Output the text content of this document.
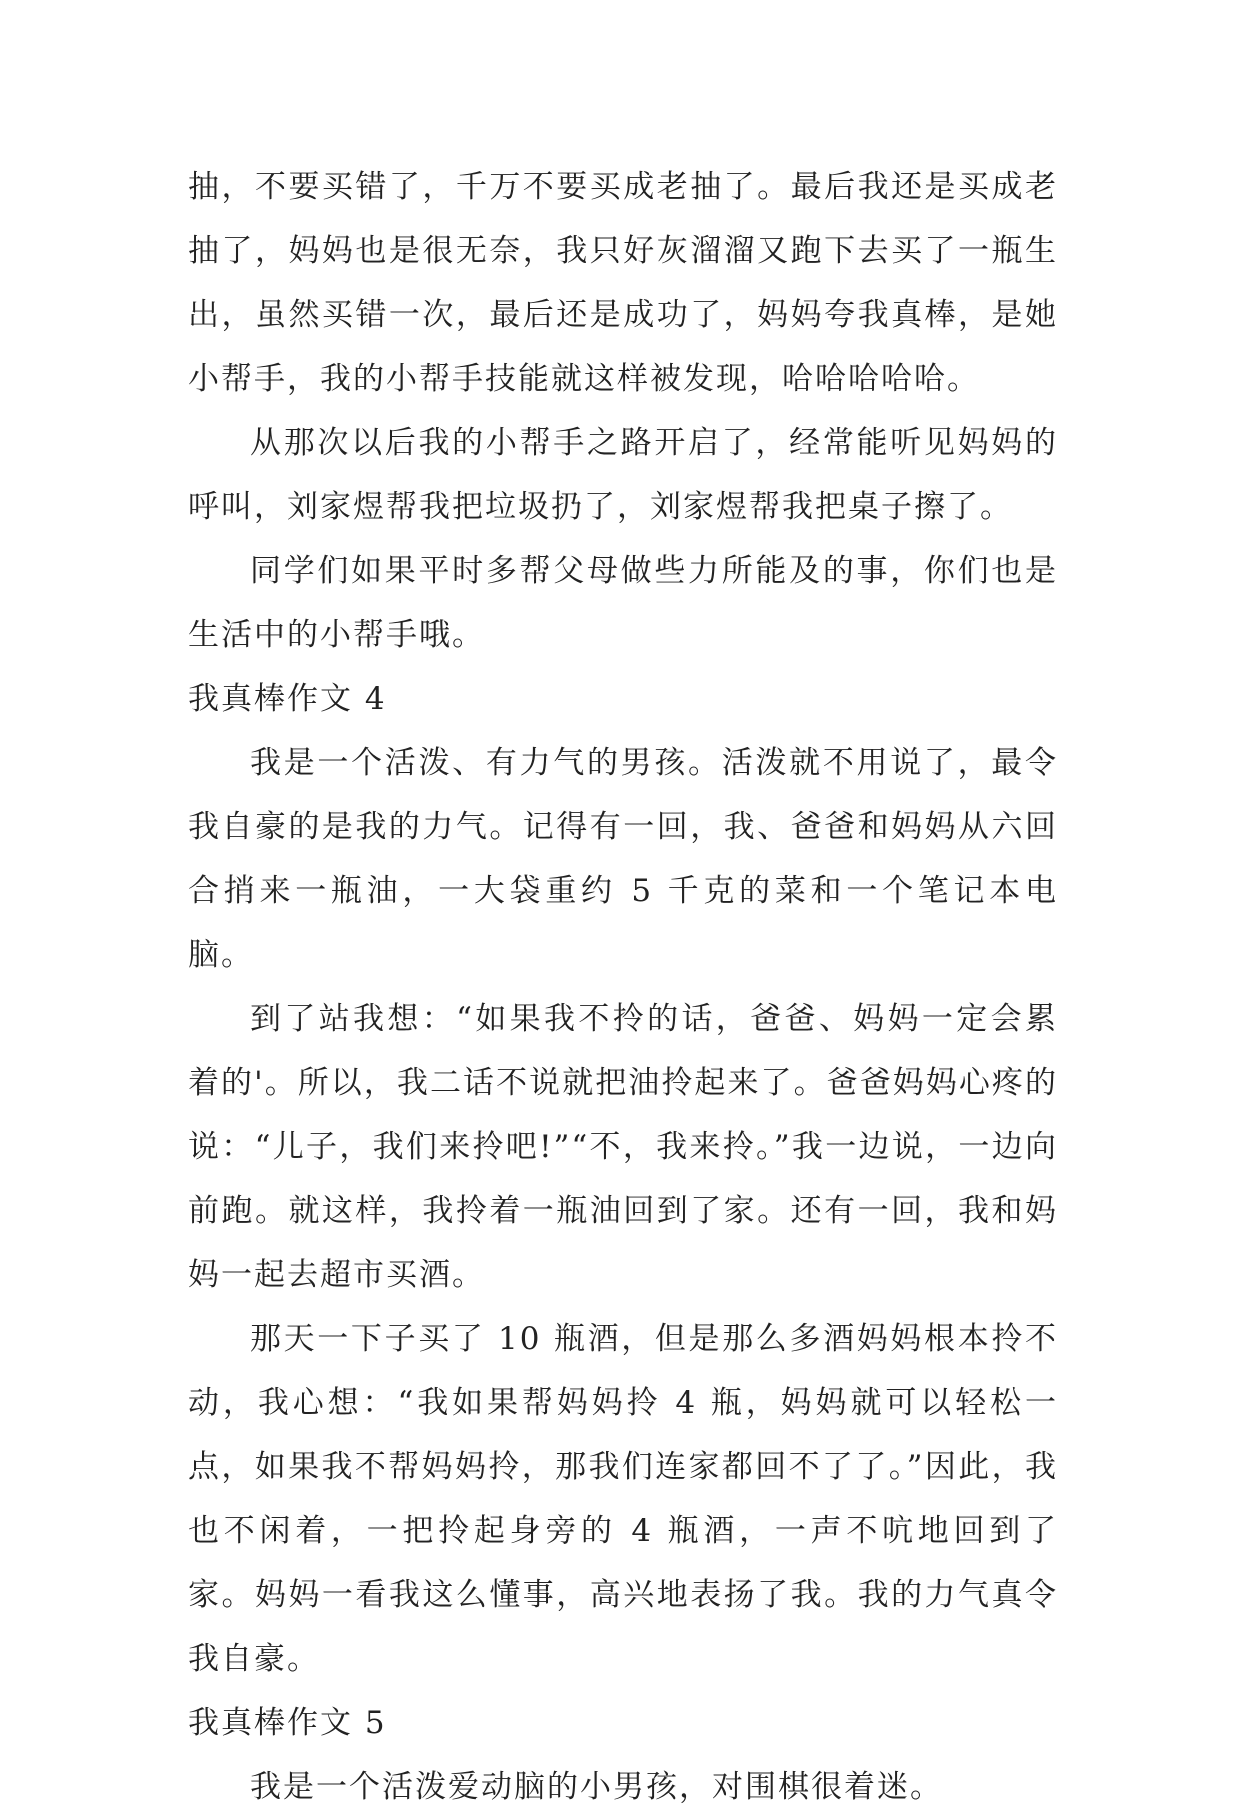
抽，不要买错了，千万不要买成老抽了。最后我还是买成老抽了，妈妈也是很无奈，我只好灰溜溜又跑下去买了一瓶生出，虽然买错一次，最后还是成功了，妈妈夸我真棒，是她小帮手，我的小帮手技能就这样被发现，哈哈哈哈哈。

从那次以后我的小帮手之路开启了，经常能听见妈妈的呼叫，刘家煜帮我把垃圾扔了，刘家煜帮我把桌子擦了。

同学们如果平时多帮父母做些力所能及的事，你们也是生活中的小帮手哦。

我真棒作文 4

我是一个活泼、有力气的男孩。活泼就不用说了，最令我自豪的是我的力气。记得有一回，我、爸爸和妈妈从六回合捎来一瓶油，一大袋重约 5 千克的菜和一个笔记本电脑。

到了站我想：“如果我不拎的话，爸爸、妈妈一定会累着的'。所以，我二话不说就把油拎起来了。爸爸妈妈心疼的说：“儿子，我们来拎吧!”“不，我来拎。”我一边说，一边向前跑。就这样，我拎着一瓶油回到了家。还有一回，我和妈妈一起去超市买酒。

那天一下子买了 10 瓶酒，但是那么多酒妈妈根本拎不动，我心想：“我如果帮妈妈拎 4 瓶，妈妈就可以轻松一点，如果我不帮妈妈拎，那我们连家都回不了了。”因此，我也不闲着，一把拎起身旁的 4 瓶酒，一声不吭地回到了家。妈妈一看我这么懂事，高兴地表扬了我。我的力气真令我自豪。

我真棒作文 5

我是一个活泼爱动脑的小男孩，对围棋很着迷。
